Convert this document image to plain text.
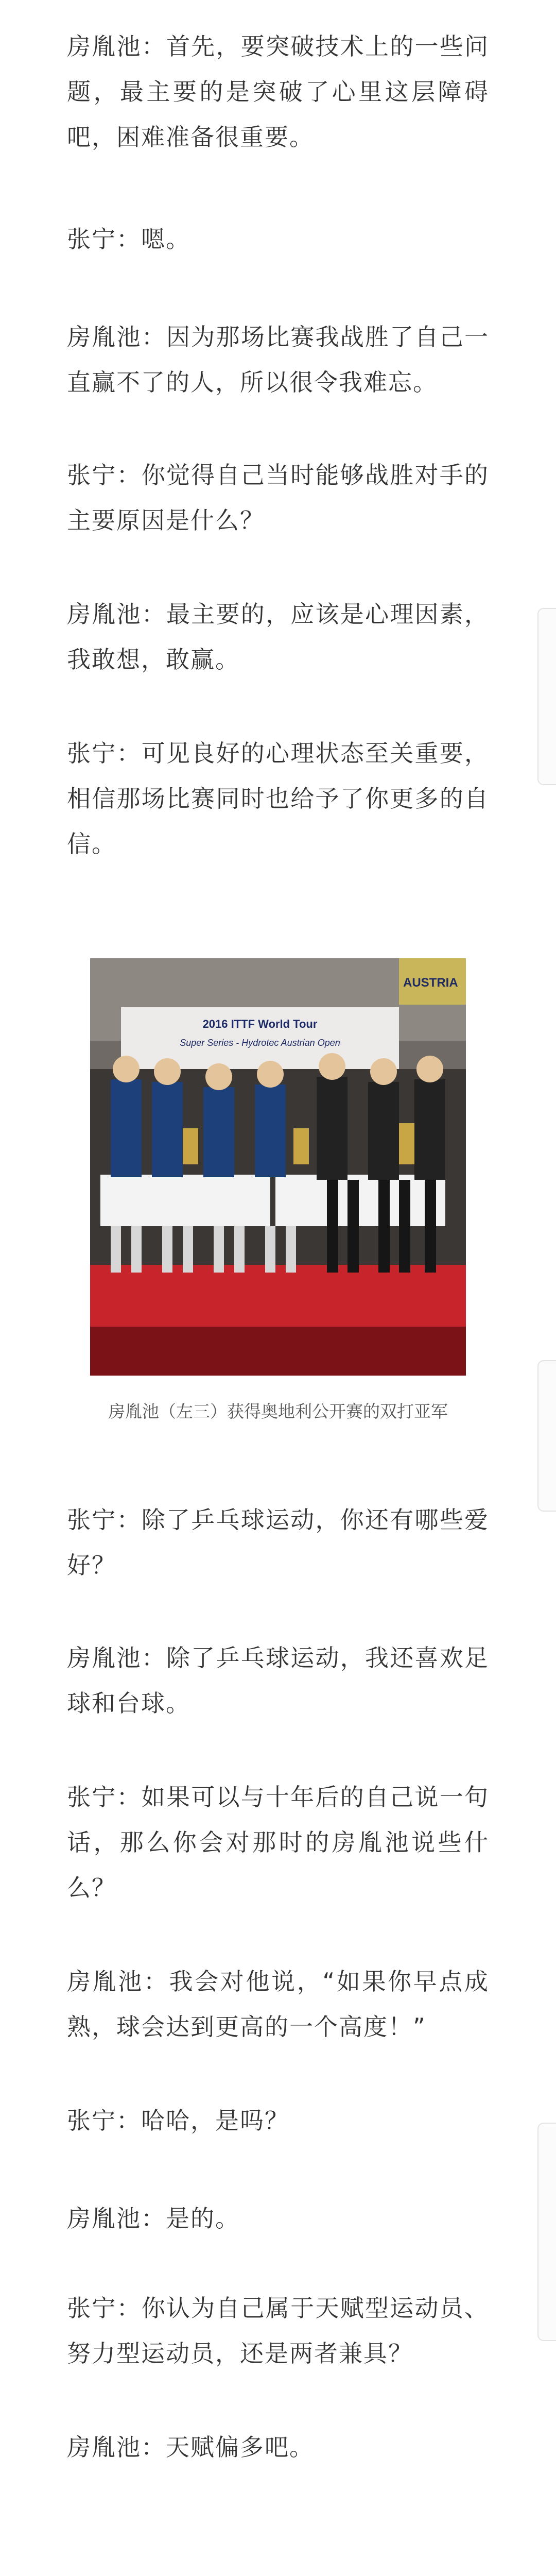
房胤池：首先，要突破技术上的一些问题，最主要的是突破了心里这层障碍吧，困难准备很重要。

张宁：嗯。

房胤池：因为那场比赛我战胜了自己一直赢不了的人，所以很令我难忘。

张宁：你觉得自己当时能够战胜对手的主要原因是什么？

房胤池：最主要的，应该是心理因素，我敢想，敢赢。

张宁：可见良好的心理状态至关重要，相信那场比赛同时也给予了你更多的自信。

AUSTRIA
2016 ITTF World Tour
Super Series - Hydrotec Austrian Open

房胤池（左三）获得奥地利公开赛的双打亚军

张宁：除了乒乓球运动，你还有哪些爱好？

房胤池：除了乒乓球运动，我还喜欢足球和台球。

张宁：如果可以与十年后的自己说一句话，那么你会对那时的房胤池说些什么？

房胤池：我会对他说，“如果你早点成熟，球会达到更高的一个高度！”

张宁：哈哈，是吗？

房胤池：是的。

张宁：你认为自己属于天赋型运动员、努力型运动员，还是两者兼具？

房胤池：天赋偏多吧。
